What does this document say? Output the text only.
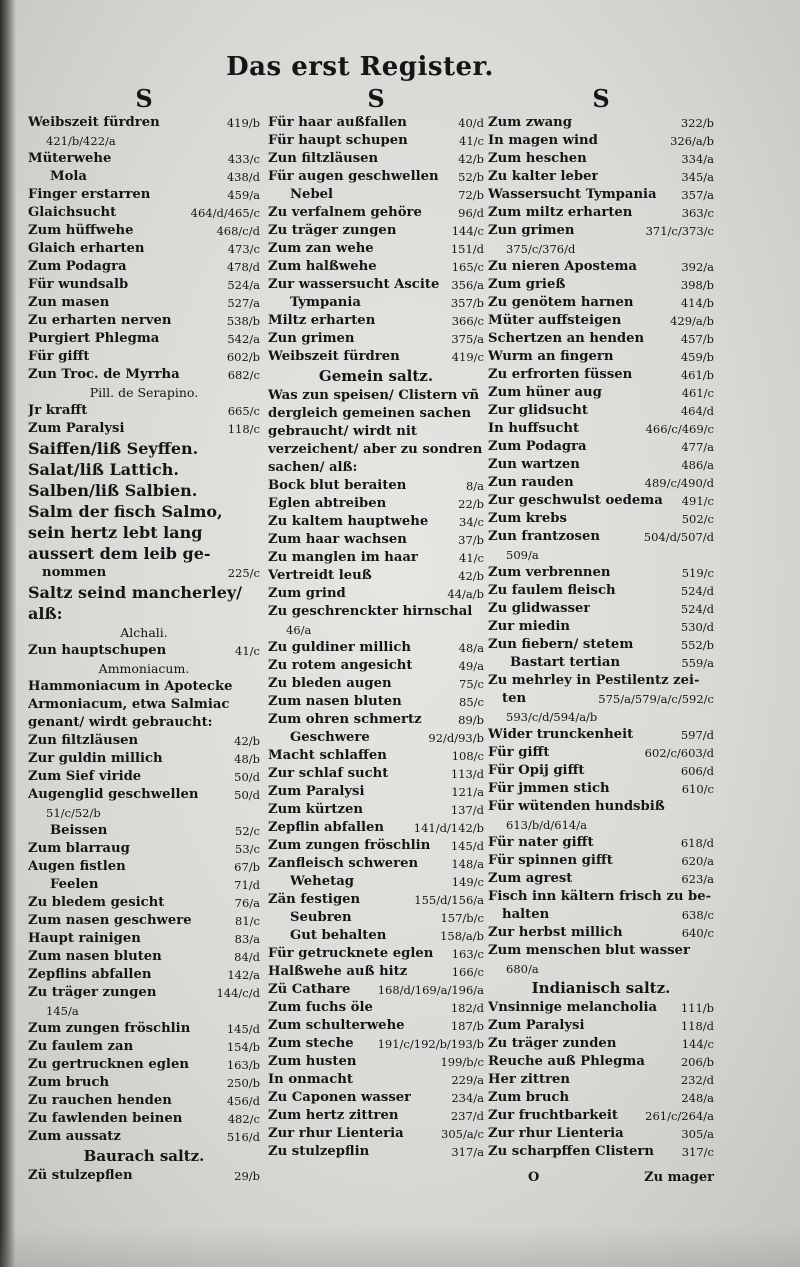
Das erst Register.
S
Weibszeit fürdren	419/b
421/b/422/a
Müterwehe	433/c
Mola	438/d
Finger erstarren	459/a
Glaichsucht	464/d/465/c
Zum hüffwehe	468/c/d
Glaich erharten	473/c
Zum Podagra	478/d
Für wundsalb	524/a
Zun masen	527/a
Zu erharten nerven	538/b
Purgiert Phlegma	542/a
Für gifft	602/b
Zun Troc. de Myrrha	682/c
Pill. de Serapino.
Jr krafft	665/c
Zum Paralysi	118/c
Saiffen/liß Seyffen.
Salat/liß Lattich.
Salben/liß Salbien.
Salm der fisch Salmo, sein hertz lebt lang aussert dem leib ge-
nommen	225/c
Saltz seind mancherley/ alß:
Alchali.
Zun hauptschupen	41/c
Ammoniacum.
Hammoniacum in Apotecke
Armoniacum, etwa Salmiac
genant/ wirdt gebraucht:
Zun filtzläusen	42/b
Zur guldin millich	48/b
Zum Sief viride	50/d
Augenglid geschwellen	50/d
51/c/52/b
Beissen	52/c
Zum blarraug	53/c
Augen fistlen	67/b
Feelen	71/d
Zu bledem gesicht	76/a
Zum nasen geschwere	81/c
Haupt rainigen	83/a
Zum nasen bluten	84/d
Zepflins abfallen	142/a
Zu träger zungen	144/c/d
145/a
Zum zungen fröschlin	145/d
Zu faulem zan	154/b
Zu gertrucknen eglen	163/b
Zum bruch	250/b
Zu rauchen henden	456/d
Zu fawlenden beinen	482/c
Zum aussatz	516/d
Baurach saltz.
Zü stulzepflen	29/b
S
Für haar außfallen	40/d
Für haupt schupen	41/c
Zun filtzläusen	42/b
Für augen geschwellen	52/b
Nebel	72/b
Zu verfalnem gehöre	96/d
Zu träger zungen	144/c
Zum zan wehe	151/d
Zum halßwehe	165/c
Zur wassersucht Ascite	356/a
Tympania	357/b
Miltz erharten	366/c
Zun grimen	375/a
Weibszeit fürdren	419/c
Gemein saltz.
Was zun speisen/ Clistern vñ dergleich gemeinen sachen gebraucht/ wirdt nit verzeichent/ aber zu sondren sachen/ alß:
Bock blut beraiten	8/a
Eglen abtreiben	22/b
Zu kaltem hauptwehe	34/c
Zum haar wachsen	37/b
Zu manglen im haar	41/c
Vertreidt leuß	42/b
Zum grind	44/a/b
Zu geschrenckter hirnschal
46/a
Zu guldiner millich	48/a
Zu rotem angesicht	49/a
Zu bleden augen	75/c
Zum nasen bluten	85/c
Zum ohren schmertz	89/b
Geschwere	92/d/93/b
Macht schlaffen	108/c
Zur schlaf sucht	113/d
Zum Paralysi	121/a
Zum kürtzen	137/d
Zepflin abfallen	141/d/142/b
Zum zungen fröschlin	145/d
Zanfleisch schweren	148/a
Wehetag	149/c
Zän festigen	155/d/156/a
Seubren	157/b/c
Gut behalten	158/a/b
Für getrucknete eglen	163/c
Halßwehe auß hitz	166/c
Zü Cathare	168/d/169/a/196/a
Zum fuchs öle	182/d
Zum schulterwehe	187/b
Zum steche	191/c/192/b/193/b
Zum husten	199/b/c
In onmacht	229/a
Zu Caponen wasser	234/a
Zum hertz zittren	237/d
Zur rhur Lienteria	305/a/c
Zu stulzepflin	317/a
S
Zum zwang	322/b
In magen wind	326/a/b
Zum heschen	334/a
Zu kalter leber	345/a
Wassersucht Tympania	357/a
Zum miltz erharten	363/c
Zun grimen	371/c/373/c
375/c/376/d
Zu nieren Apostema	392/a
Zum grieß	398/b
Zu genötem harnen	414/b
Müter auffsteigen	429/a/b
Schertzen an henden	457/b
Wurm an fingern	459/b
Zu erfrorten füssen	461/b
Zum hüner aug	461/c
Zur glidsucht	464/d
In huffsucht	466/c/469/c
Zum Podagra	477/a
Zun wartzen	486/a
Zun rauden	489/c/490/d
Zur geschwulst oedema	491/c
Zum krebs	502/c
Zun frantzosen	504/d/507/d
509/a
Zum verbrennen	519/c
Zu faulem fleisch	524/d
Zu glidwasser	524/d
Zur miedin	530/d
Zun fiebern/ stetem	552/b
Bastart tertian	559/a
Zu mehrley in Pestilentz zei-
ten	575/a/579/a/c/592/c
593/c/d/594/a/b
Wider trunckenheit	597/d
Für gifft	602/c/603/d
Für Opij gifft	606/d
Für jmmen stich	610/c
Für wütenden hundsbiß
613/b/d/614/a
Für nater gifft	618/d
Für spinnen gifft	620/a
Zum agrest	623/a
Fisch inn kältern frisch zu be-
halten	638/c
Zur herbst millich	640/c
Zum menschen blut wasser
680/a
Indianisch saltz.
Vnsinnige melancholia	111/b
Zum Paralysi	118/d
Zu träger zunden	144/c
Reuche auß Phlegma	206/b
Her zittren	232/d
Zum bruch	248/a
Zur fruchtbarkeit	261/c/264/a
Zur rhur Lienteria	305/a
Zu scharpffen Clistern	317/c
O	Zu mager
